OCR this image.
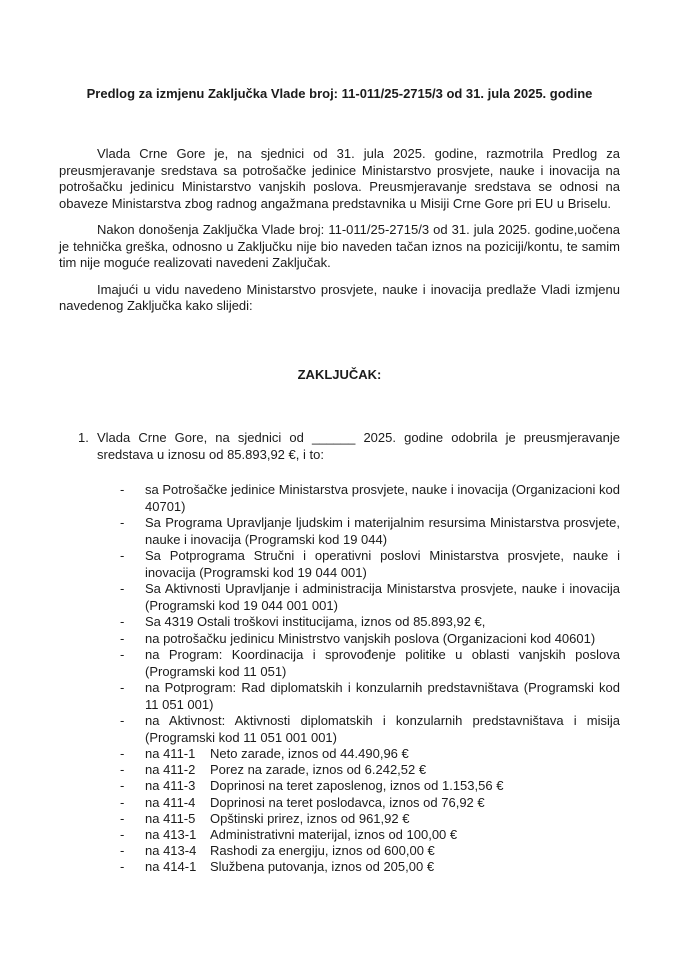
Predlog za izmjenu Zaključka Vlade broj: 11-011/25-2715/3 od 31. jula 2025. godine

Vlada Crne Gore je, na sjednici od 31. jula 2025. godine, razmotrila Predlog za preusmjeravanje sredstava sa potrošačke jedinice Ministarstvo prosvjete, nauke i inovacija na potrošačku jedinicu Ministarstvo vanjskih poslova. Preusmjeravanje sredstava se odnosi na obaveze Ministarstva zbog radnog angažmana predstavnika u Misiji Crne Gore pri EU u Briselu.

Nakon donošenja Zaključka Vlade broj: 11-011/25-2715/3 od 31. jula 2025. godine,uočena je tehnička greška, odnosno u Zaključku nije bio naveden tačan iznos na poziciji/kontu, te samim tim nije moguće realizovati navedeni Zaključak.

Imajući u vidu navedeno Ministarstvo prosvjete, nauke i inovacija predlaže Vladi izmjenu navedenog Zaključka kako slijedi:

ZAKLJUČAK:
1. Vlada Crne Gore, na sjednici od ______ 2025. godine odobrila je preusmjeravanje sredstava u iznosu od 85.893,92 €, i to:
-	sa Potrošačke jedinice Ministarstva prosvjete, nauke i inovacija (Organizacioni kod 40701)
-	Sa Programa Upravljanje ljudskim i materijalnim resursima Ministarstva prosvjete, nauke i inovacija (Programski kod 19 044)
-	Sa Potprograma Stručni i operativni poslovi Ministarstva prosvjete, nauke i inovacija (Programski kod 19 044 001)
-	Sa Aktivnosti Upravljanje i administracija Ministarstva prosvjete, nauke i inovacija (Programski kod 19 044 001 001)
-	Sa 4319 Ostali troškovi institucijama, iznos od 85.893,92 €,
-	na potrošačku jedinicu Ministrstvo vanjskih poslova (Organizacioni kod 40601)
-	na Program: Koordinacija i sprovođenje politike u oblasti vanjskih poslova (Programski kod 11 051)
-	na Potprogram: Rad diplomatskih i konzularnih predstavništava (Programski kod 11 051 001)
-	na Aktivnost: Aktivnosti diplomatskih i konzularnih predstavništava i misija (Programski kod 11 051 001 001)
-	na 411-1	Neto zarade, iznos od 44.490,96 €
-	na 411-2	Porez na zarade, iznos od 6.242,52 €
-	na 411-3	Doprinosi na teret zaposlenog, iznos od 1.153,56 €
-	na 411-4	Doprinosi na teret poslodavca, iznos od 76,92 €
-	na 411-5	Opštinski prirez, iznos od 961,92 €
-	na 413-1	Administrativni materijal, iznos od 100,00 €
-	na 413-4	Rashodi za energiju, iznos od 600,00 €
-	na 414-1	Službena putovanja, iznos od 205,00 €
